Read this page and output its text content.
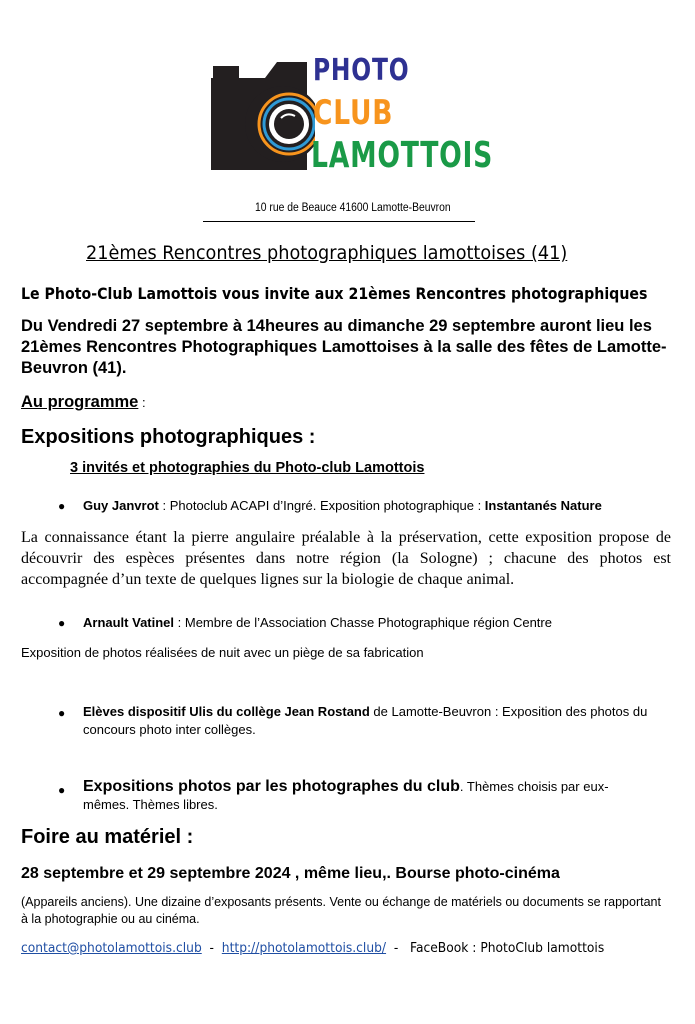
PHOTO
CLUB
LAMOTTOIS
10 rue de Beauce 41600 Lamotte-Beuvron
21èmes Rencontres photographiques lamottoises (41)
Le Photo-Club Lamottois vous invite aux 21èmes Rencontres photographiques
Du Vendredi 27 septembre à 14heures au dimanche 29 septembre auront lieu les 21èmes Rencontres Photographiques Lamottoises à la salle des fêtes de Lamotte-Beuvron (41).
Au programme :
Expositions photographiques :
3 invités et photographies du Photo-club Lamottois
● Guy Janvrot : Photoclub ACAPI d’Ingré. Exposition photographique : Instantanés Nature
La connaissance étant la pierre angulaire préalable à la préservation, cette exposition propose de découvrir des espèces présentes dans notre région (la Sologne) ; chacune des photos est accompagnée d’un texte de quelques lignes sur la biologie de chaque animal.
● Arnault Vatinel : Membre de l’Association Chasse Photographique région Centre
Exposition de photos réalisées de nuit avec un piège de sa fabrication
● Elèves dispositif Ulis du collège Jean Rostand de Lamotte-Beuvron : Exposition des photos du concours photo inter collèges.
● Expositions photos par les photographes du club. Thèmes choisis par eux-mêmes. Thèmes libres.
Foire au matériel :
28 septembre et 29 septembre 2024 , même lieu,. Bourse photo-cinéma
(Appareils anciens). Une dizaine d’exposants présents. Vente ou échange de matériels ou documents se rapportant à la photographie ou au cinéma.
contact@photolamottois.club  -  http://photolamottois.club/  -   FaceBook : PhotoClub lamottois
